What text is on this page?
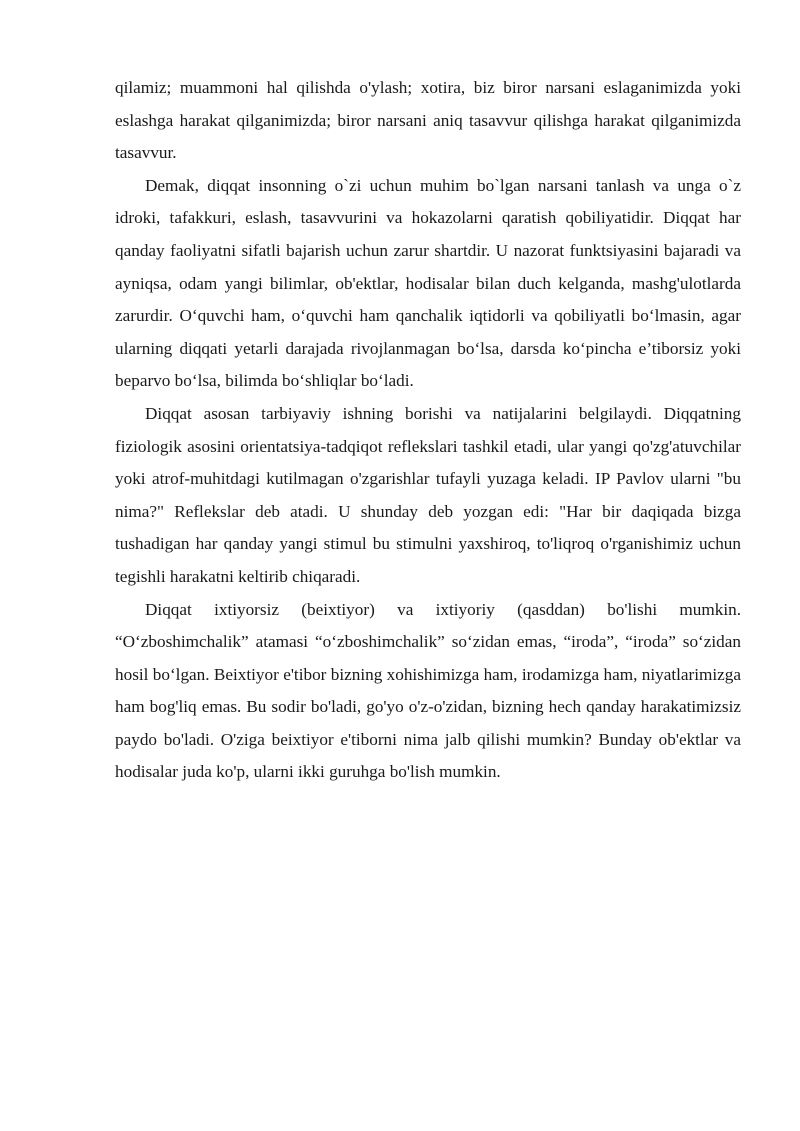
qilamiz; muammoni hal qilishda o'ylash; xotira, biz biror narsani eslaganimizda yoki eslashga harakat qilganimizda; biror narsani aniq tasavvur qilishga harakat qilganimizda tasavvur.

Demak, diqqat insonning o`zi uchun muhim bo`lgan narsani tanlash va unga o`z idroki, tafakkuri, eslash, tasavvurini va hokazolarni qaratish qobiliyatidir. Diqqat har qanday faoliyatni sifatli bajarish uchun zarur shartdir. U nazorat funktsiyasini bajaradi va ayniqsa, odam yangi bilimlar, ob'ektlar, hodisalar bilan duch kelganda, mashg'ulotlarda zarurdir. O‘quvchi ham, o‘quvchi ham qanchalik iqtidorli va qobiliyatli bo‘lmasin, agar ularning diqqati yetarli darajada rivojlanmagan bo‘lsa, darsda ko‘pincha e’tiborsiz yoki beparvo bo‘lsa, bilimda bo‘shliqlar bo‘ladi.

Diqqat asosan tarbiyaviy ishning borishi va natijalarini belgilaydi. Diqqatning fiziologik asosini orientatsiya-tadqiqot reflekslari tashkil etadi, ular yangi qo'zg'atuvchilar yoki atrof-muhitdagi kutilmagan o'zgarishlar tufayli yuzaga keladi. IP Pavlov ularni "bu nima?" Reflekslar deb atadi. U shunday deb yozgan edi: "Har bir daqiqada bizga tushadigan har qanday yangi stimul bu stimulni yaxshiroq, to'liqroq o'rganishimiz uchun tegishli harakatni keltirib chiqaradi.

Diqqat ixtiyorsiz (beixtiyor) va ixtiyoriy (qasddan) bo'lishi mumkin. “O‘zboshimchalik” atamasi “o‘zboshimchalik” so‘zidan emas, “iroda”, “iroda” so‘zidan hosil bo‘lgan. Beixtiyor e'tibor bizning xohishimizga ham, irodamizga ham, niyatlarimizga ham bog'liq emas. Bu sodir bo'ladi, go'yo o'z-o'zidan, bizning hech qanday harakatimizsiz paydo bo'ladi. O'ziga beixtiyor e'tiborni nima jalb qilishi mumkin? Bunday ob'ektlar va hodisalar juda ko'p, ularni ikki guruhga bo'lish mumkin.
